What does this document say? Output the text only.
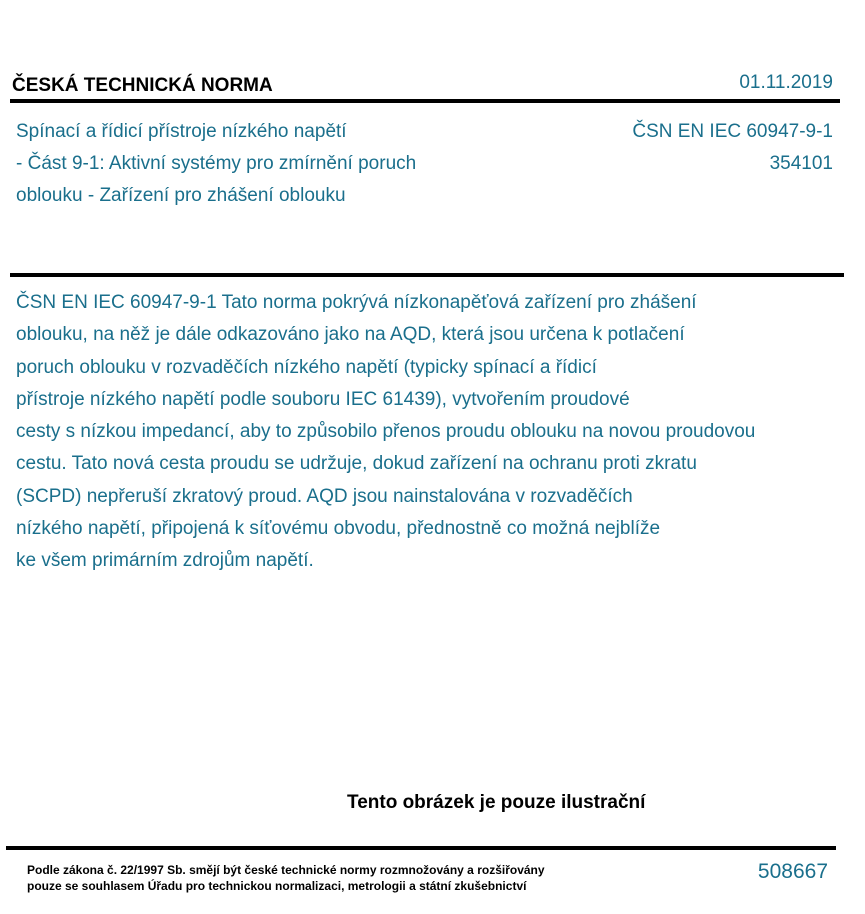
ČESKÁ TECHNICKÁ NORMA	01.11.2019
Spínací a řídicí přístroje nízkého napětí
- Část 9-1: Aktivní systémy pro zmírnění poruch
oblouku - Zařízení pro zhášení oblouku
ČSN EN IEC 60947-9-1
354101
ČSN EN IEC 60947-9-1 Tato norma pokrývá nízkonapěťová zařízení pro zhášení
oblouku, na něž je dále odkazováno jako na AQD, která jsou určena k potlačení
poruch oblouku v rozvaděčích nízkého napětí (typicky spínací a řídicí
přístroje nízkého napětí podle souboru IEC 61439), vytvořením proudové
cesty s nízkou impedancí, aby to způsobilo přenos proudu oblouku na novou proudovou
cestu. Tato nová cesta proudu se udržuje, dokud zařízení na ochranu proti zkratu
(SCPD) nepřeruší zkratový proud. AQD jsou nainstalována v rozvaděčích
nízkého napětí, připojená k síťovému obvodu, přednostně co možná nejblíže
ke všem primárním zdrojům napětí.
Tento obrázek je pouze ilustrační
Podle zákona č. 22/1997 Sb. smějí být české technické normy rozmnožovány a rozšiřovány
pouze se souhlasem Úřadu pro technickou normalizaci, metrologii a státní zkušebnictví
508667
